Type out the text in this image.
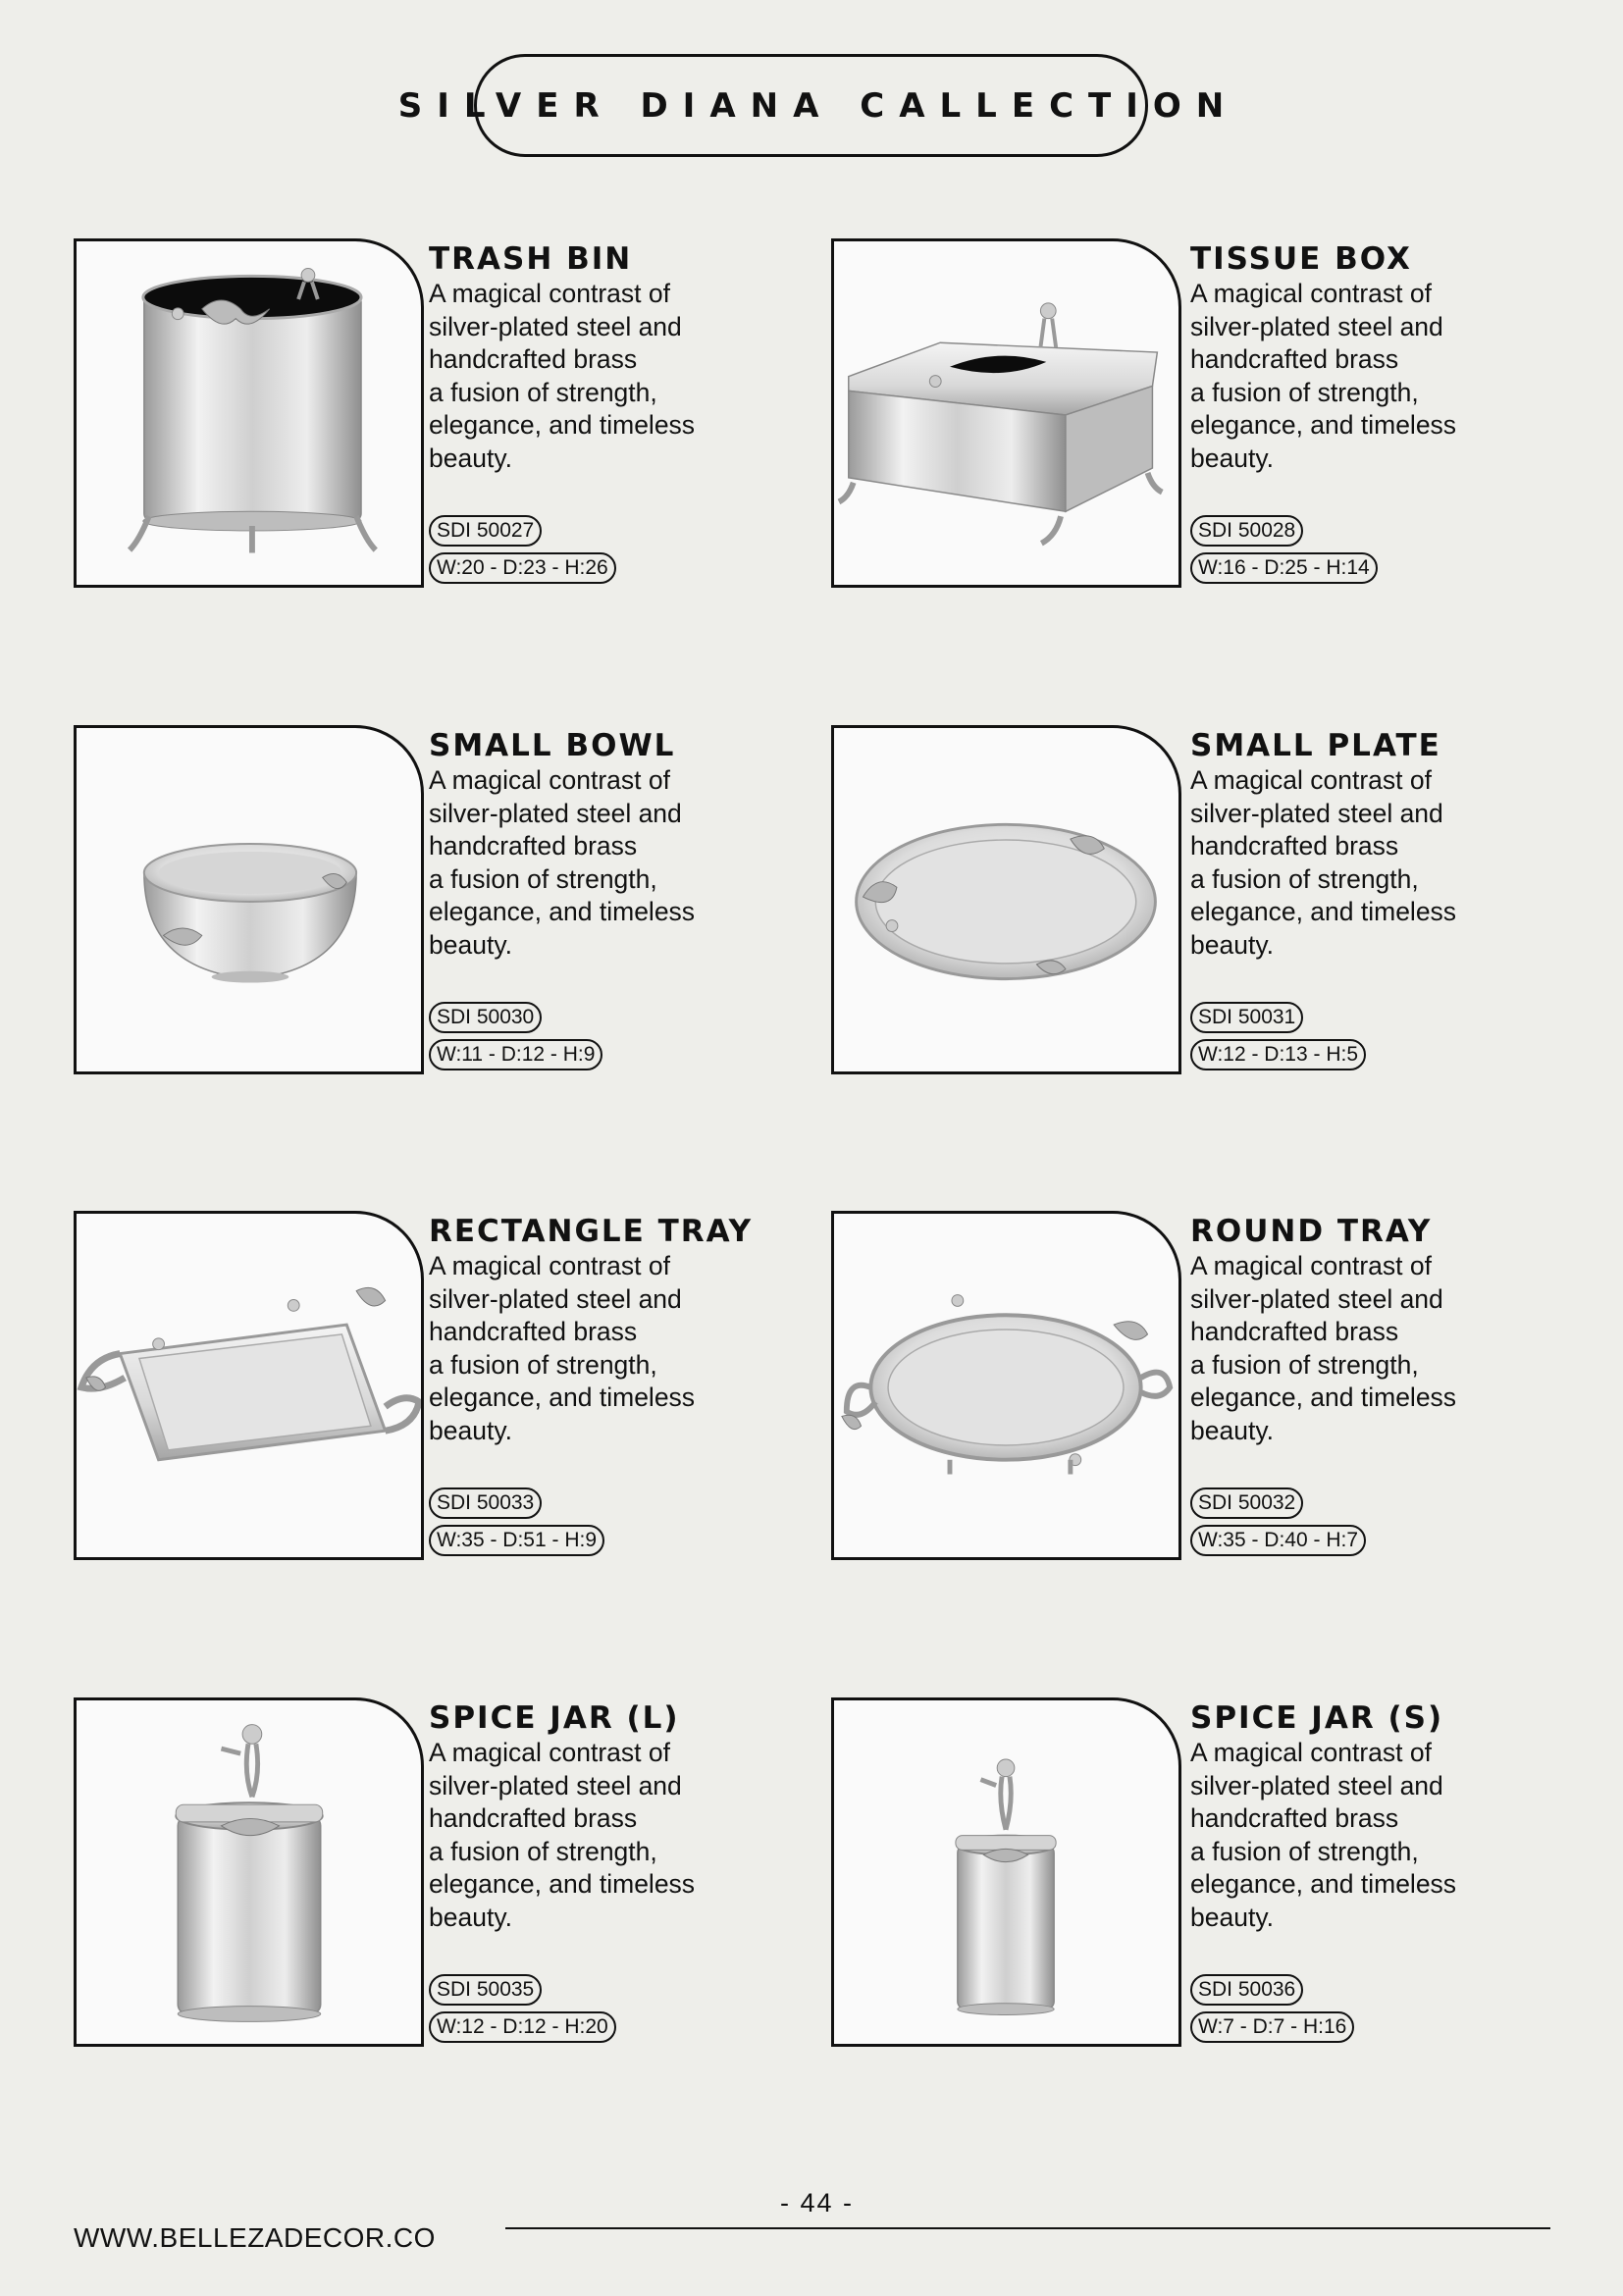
SILVER DIANA CALLECTION
TRASH BIN
A magical contrast of
silver-plated steel and
handcrafted brass
a fusion of strength,
elegance, and timeless
beauty.
SDI 50027
W:20 - D:23 - H:26
TISSUE BOX
A magical contrast of
silver-plated steel and
handcrafted brass
a fusion of strength,
elegance, and timeless
beauty.
SDI 50028
W:16 - D:25 - H:14
SMALL BOWL
A magical contrast of
silver-plated steel and
handcrafted brass
a fusion of strength,
elegance, and timeless
beauty.
SDI 50030
W:11 - D:12 - H:9
SMALL PLATE
A magical contrast of
silver-plated steel and
handcrafted brass
a fusion of strength,
elegance, and timeless
beauty.
SDI 50031
W:12 - D:13 - H:5
RECTANGLE TRAY
A magical contrast of
silver-plated steel and
handcrafted brass
a fusion of strength,
elegance, and timeless
beauty.
SDI 50033
W:35 - D:51 - H:9
ROUND TRAY
A magical contrast of
silver-plated steel and
handcrafted brass
a fusion of strength,
elegance, and timeless
beauty.
SDI 50032
W:35 - D:40 - H:7
SPICE JAR (L)
A magical contrast of
silver-plated steel and
handcrafted brass
a fusion of strength,
elegance, and timeless
beauty.
SDI 50035
W:12 - D:12 - H:20
SPICE JAR (S)
A magical contrast of
silver-plated steel and
handcrafted brass
a fusion of strength,
elegance, and timeless
beauty.
SDI 50036
W:7 - D:7 - H:16
- 44 -
WWW.BELLEZADECOR.CO
